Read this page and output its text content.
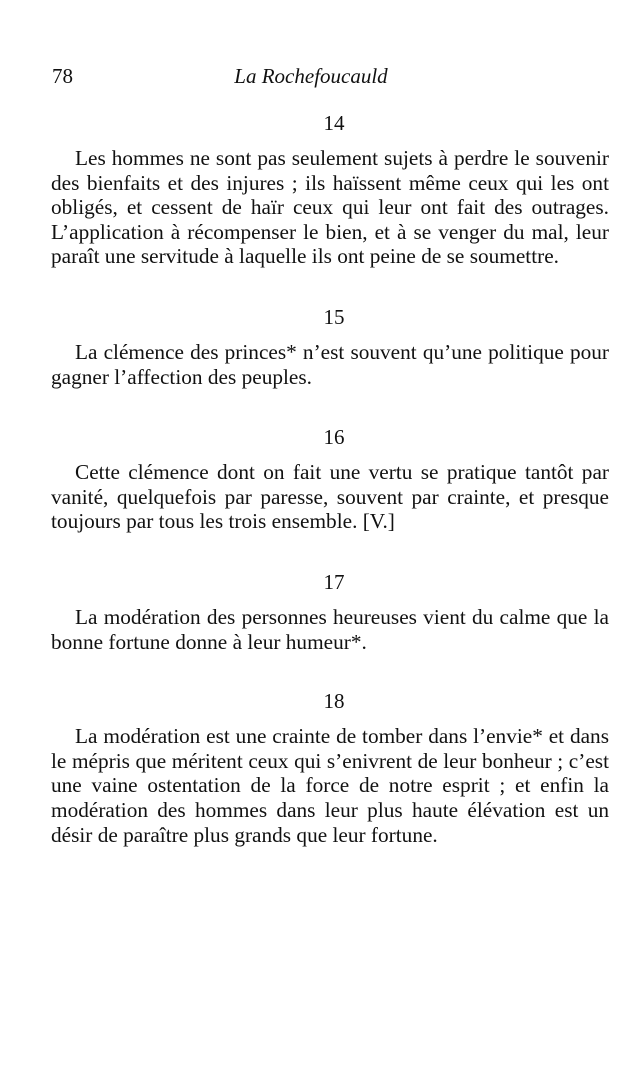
78	La Rochefoucauld

14

Les hommes ne sont pas seulement sujets à perdre le souvenir des bienfaits et des injures ; ils haïssent même ceux qui les ont obligés, et cessent de haïr ceux qui leur ont fait des outrages. L’application à récompenser le bien, et à se venger du mal, leur paraît une servitude à laquelle ils ont peine de se soumettre.

15

La clémence des princes* n’est souvent qu’une politique pour gagner l’affection des peuples.

16

Cette clémence dont on fait une vertu se pratique tantôt par vanité, quelquefois par paresse, souvent par crainte, et presque toujours par tous les trois ensemble. [V.]

17

La modération des personnes heureuses vient du calme que la bonne fortune donne à leur humeur*.

18

La modération est une crainte de tomber dans l’envie* et dans le mépris que méritent ceux qui s’enivrent de leur bonheur ; c’est une vaine ostentation de la force de notre esprit ; et enfin la modération des hommes dans leur plus haute élévation est un désir de paraître plus grands que leur fortune.
